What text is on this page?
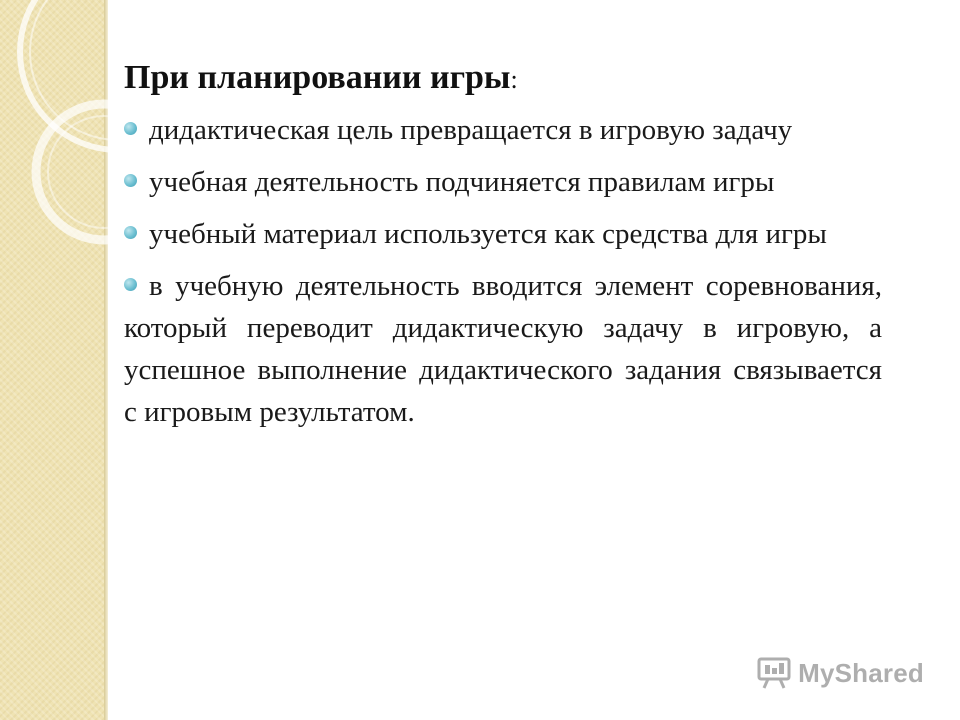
При планировании игры:
дидактическая цель превращается в игровую задачу
учебная деятельность подчиняется правилам игры
учебный материал используется как средства для игры
в учебную деятельность вводится элемент соревнования, который переводит дидактическую задачу в игровую, а успешное выполнение дидактического задания связывается с игровым результатом.
MyShared
